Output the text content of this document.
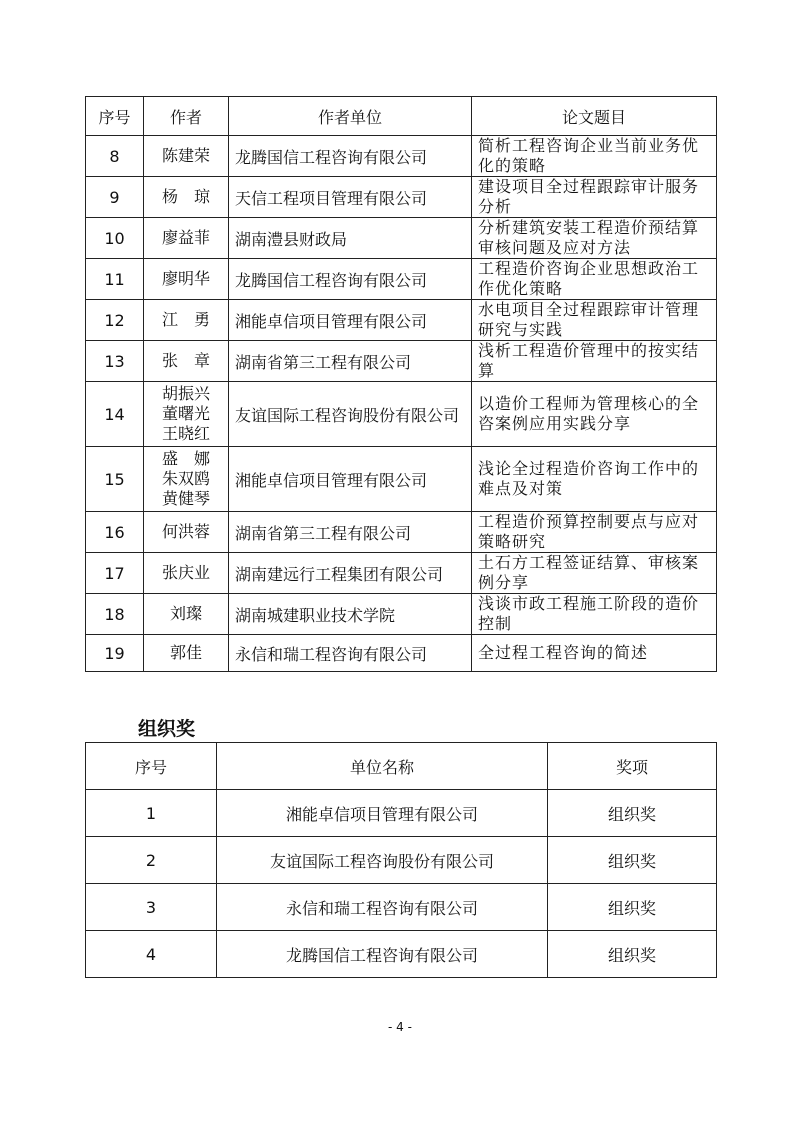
序号	作者	作者单位	论文题目
8	陈建荣	龙腾国信工程咨询有限公司	简析工程咨询企业当前业务优化的策略
9	杨　琼	天信工程项目管理有限公司	建设项目全过程跟踪审计服务分析
10	廖益菲	湖南澧县财政局	分析建筑安装工程造价预结算审核问题及应对方法
11	廖明华	龙腾国信工程咨询有限公司	工程造价咨询企业思想政治工作优化策略
12	江　勇	湘能卓信项目管理有限公司	水电项目全过程跟踪审计管理研究与实践
13	张　章	湖南省第三工程有限公司	浅析工程造价管理中的按实结算
14	胡振兴
董曙光
王晓红	友谊国际工程咨询股份有限公司	以造价工程师为管理核心的全咨案例应用实践分享
15	盛　娜
朱双鸥
黄健琴	湘能卓信项目管理有限公司	浅论全过程造价咨询工作中的难点及对策
16	何洪蓉	湖南省第三工程有限公司	工程造价预算控制要点与应对策略研究
17	张庆业	湖南建远行工程集团有限公司	土石方工程签证结算、审核案例分享
18	刘璨	湖南城建职业技术学院	浅谈市政工程施工阶段的造价控制
19	郭佳	永信和瑞工程咨询有限公司	全过程工程咨询的简述
组织奖
序号	单位名称	奖项
1	湘能卓信项目管理有限公司	组织奖
2	友谊国际工程咨询股份有限公司	组织奖
3	永信和瑞工程咨询有限公司	组织奖
4	龙腾国信工程咨询有限公司	组织奖
- 4 -
